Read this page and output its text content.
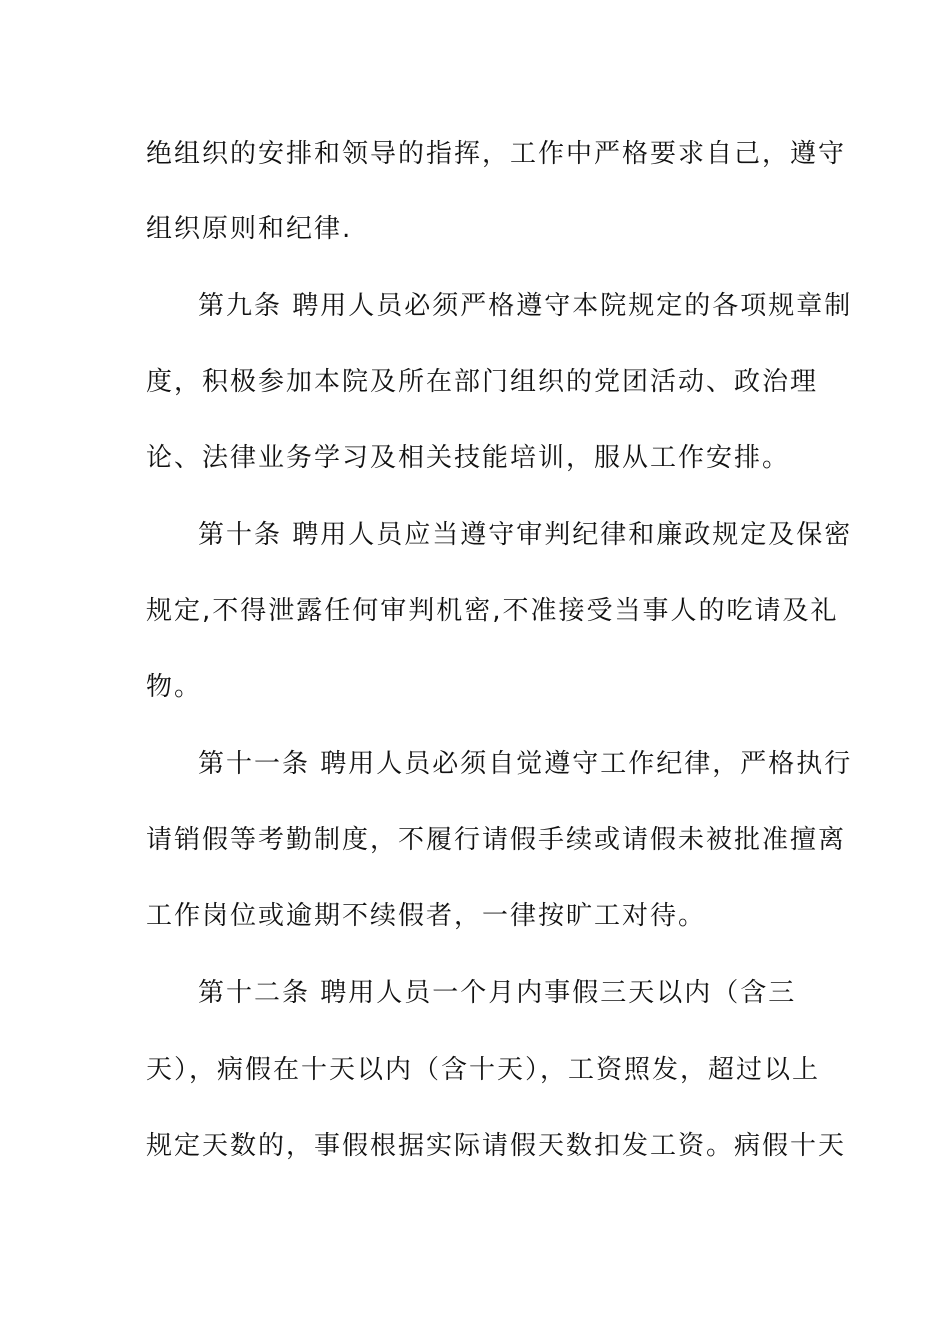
绝组织的安排和领导的指挥，工作中严格要求自己，遵守
组织原则和纪律.
第九条 聘用人员必须严格遵守本院规定的各项规章制
度，积极参加本院及所在部门组织的党团活动、政治理
论、法律业务学习及相关技能培训，服从工作安排。
第十条 聘用人员应当遵守审判纪律和廉政规定及保密
规定,不得泄露任何审判机密,不准接受当事人的吃请及礼
物。
第十一条 聘用人员必须自觉遵守工作纪律，严格执行
请销假等考勤制度，不履行请假手续或请假未被批准擅离
工作岗位或逾期不续假者，一律按旷工对待。
第十二条 聘用人员一个月内事假三天以内（含三
天），病假在十天以内（含十天），工资照发，超过以上
规定天数的，事假根据实际请假天数扣发工资。病假十天
